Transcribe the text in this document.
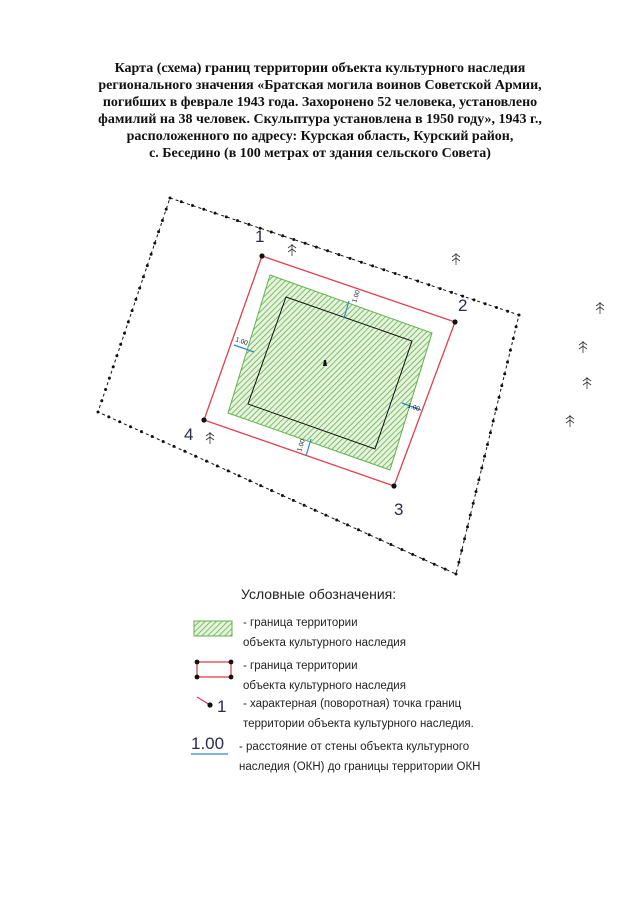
Карта (схема) границ территории объекта культурного наследия
регионального значения «Братская могила воинов Советской Армии,
погибших в феврале 1943 года. Захоронено 52 человека, установлено
фамилий на 38 человек. Скульптура установлена в 1950 году», 1943 г.,
расположенного по адресу: Курская область, Курский район,
с. Беседино (в 100 метрах от здания сельского Совета)
1
2
3
4
1.00
1.00
1.00
1.00
1
1.00
Условные обозначения:
- граница территории
объекта культурного наследия
- граница территории
объекта культурного наследия
- характерная (поворотная) точка границ
территории объекта культурного наследия.
- расстояние от стены объекта культурного
наследия (ОКН) до границы территории ОКН
